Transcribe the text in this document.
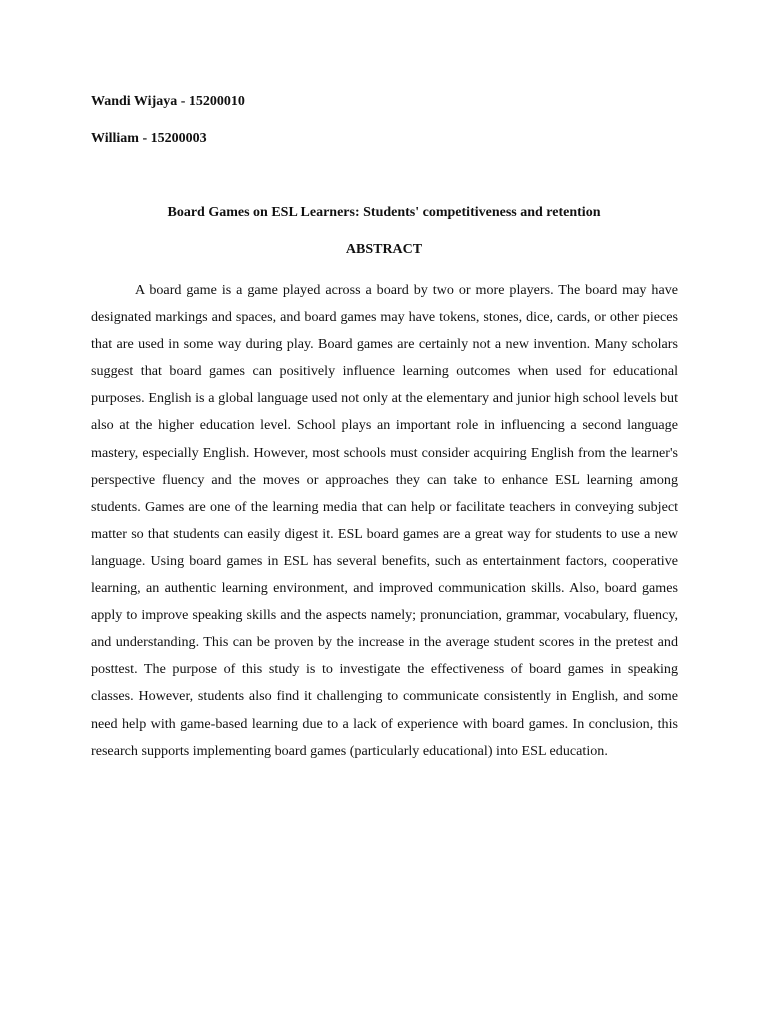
Wandi Wijaya - 15200010
William - 15200003
Board Games on ESL Learners: Students' competitiveness and retention
ABSTRACT

A board game is a game played across a board by two or more players. The board may have designated markings and spaces, and board games may have tokens, stones, dice, cards, or other pieces that are used in some way during play. Board games are certainly not a new invention. Many scholars suggest that board games can positively influence learning outcomes when used for educational purposes. English is a global language used not only at the elementary and junior high school levels but also at the higher education level. School plays an important role in influencing a second language mastery, especially English. However, most schools must consider acquiring English from the learner's perspective fluency and the moves or approaches they can take to enhance ESL learning among students. Games are one of the learning media that can help or facilitate teachers in conveying subject matter so that students can easily digest it. ESL board games are a great way for students to use a new language. Using board games in ESL has several benefits, such as entertainment factors, cooperative learning, an authentic learning environment, and improved communication skills. Also, board games apply to improve speaking skills and the aspects namely; pronunciation, grammar, vocabulary, fluency, and understanding. This can be proven by the increase in the average student scores in the pretest and posttest. The purpose of this study is to investigate the effectiveness of board games in speaking classes. However, students also find it challenging to communicate consistently in English, and some need help with game-based learning due to a lack of experience with board games. In conclusion, this research supports implementing board games (particularly educational) into ESL education.
